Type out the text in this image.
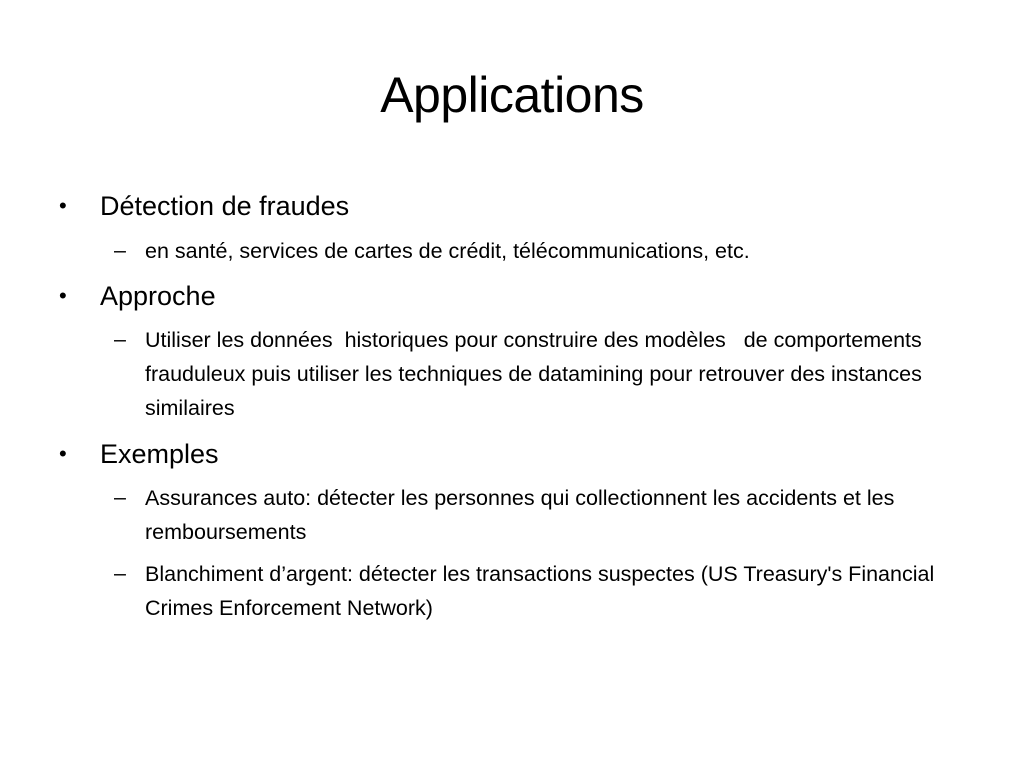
Applications
• Détection de fraudes
– en santé, services de cartes de crédit, télécommunications, etc.
• Approche
– Utiliser les données  historiques pour construire des modèles   de comportements frauduleux puis utiliser les techniques de datamining pour retrouver des instances similaires
• Exemples
– Assurances auto: détecter les personnes qui collectionnent les accidents et les remboursements
– Blanchiment d’argent: détecter les transactions suspectes (US Treasury's Financial Crimes Enforcement Network)
